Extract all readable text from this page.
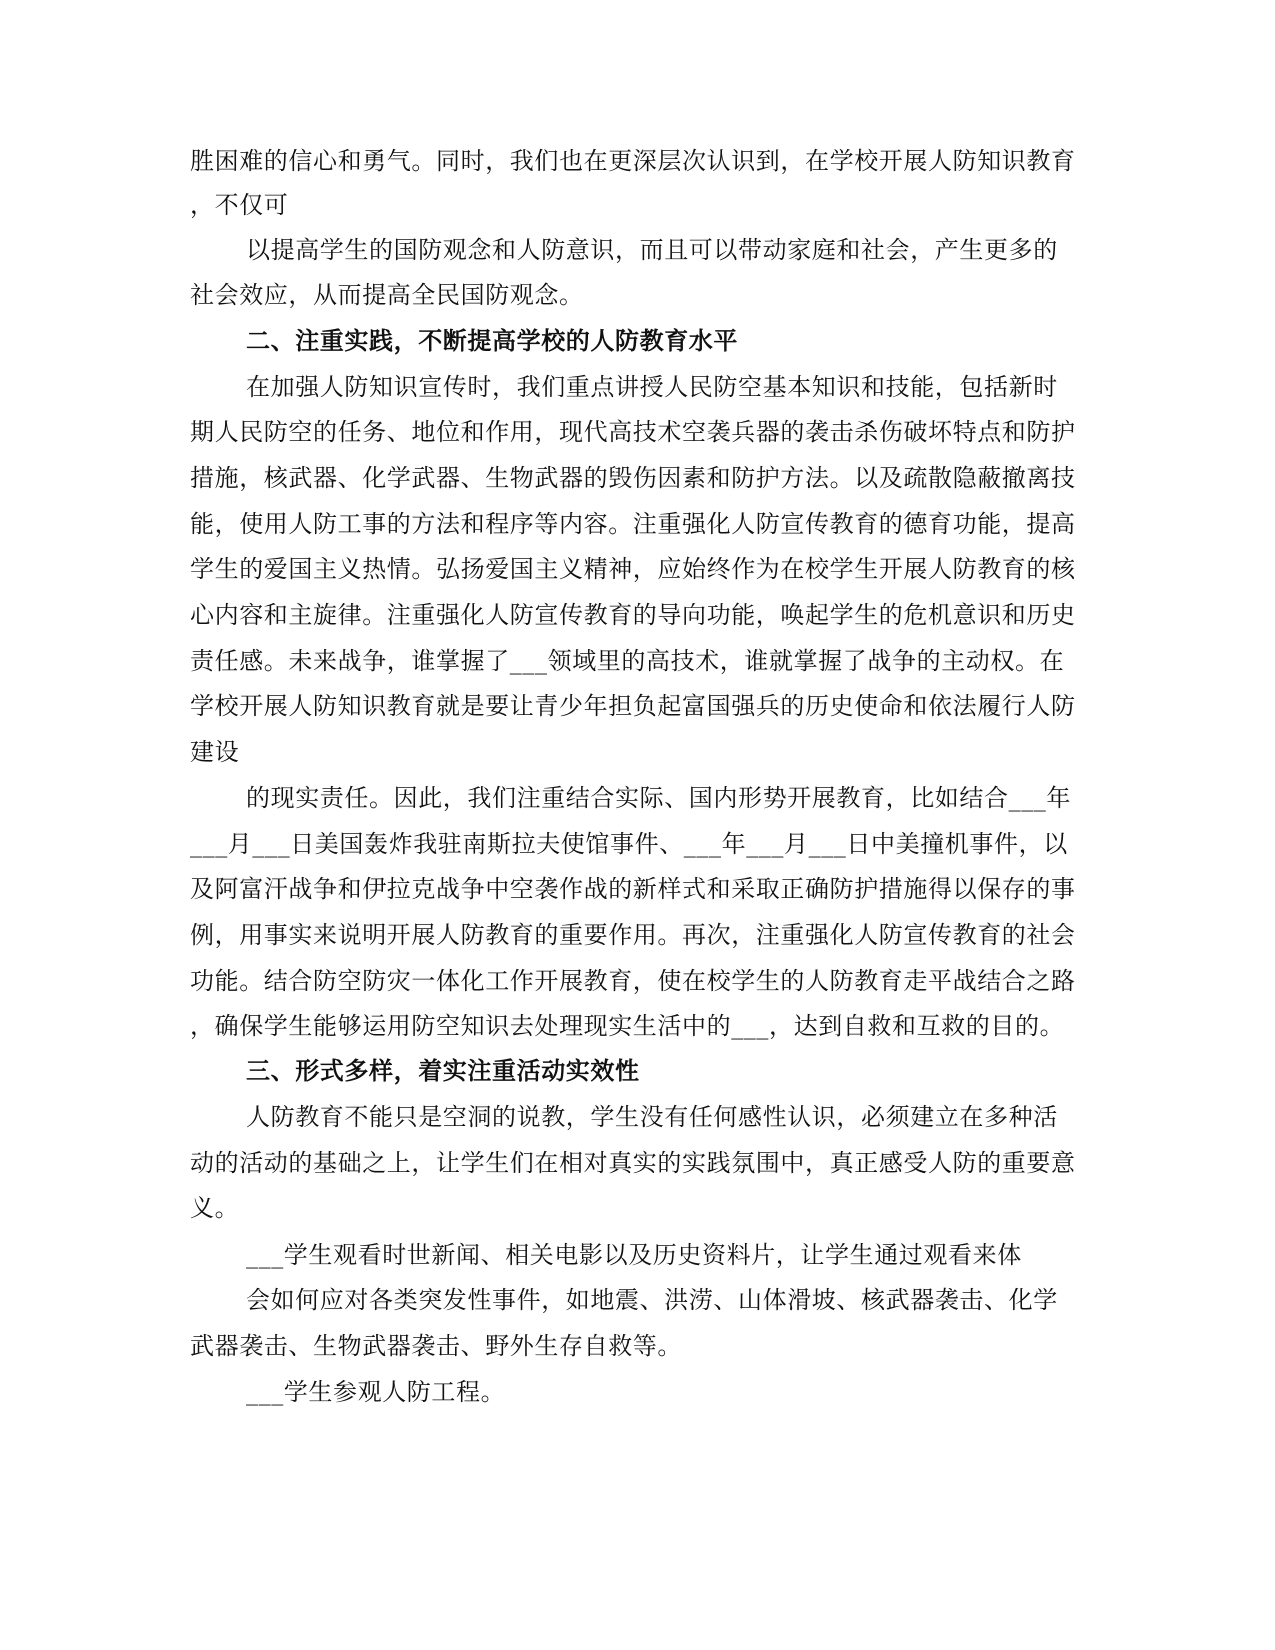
胜困难的信心和勇气。同时，我们也在更深层次认识到，在学校开展人防知识教育

，不仅可

以提高学生的国防观念和人防意识，而且可以带动家庭和社会，产生更多的

社会效应，从而提高全民国防观念。

二、注重实践，不断提高学校的人防教育水平

在加强人防知识宣传时，我们重点讲授人民防空基本知识和技能，包括新时

期人民防空的任务、地位和作用，现代高技术空袭兵器的袭击杀伤破坏特点和防护

措施，核武器、化学武器、生物武器的毁伤因素和防护方法。以及疏散隐蔽撤离技

能，使用人防工事的方法和程序等内容。注重强化人防宣传教育的德育功能，提高

学生的爱国主义热情。弘扬爱国主义精神，应始终作为在校学生开展人防教育的核

心内容和主旋律。注重强化人防宣传教育的导向功能，唤起学生的危机意识和历史

责任感。未来战争，谁掌握了___领域里的高技术，谁就掌握了战争的主动权。在

学校开展人防知识教育就是要让青少年担负起富国强兵的历史使命和依法履行人防

建设

的现实责任。因此，我们注重结合实际、国内形势开展教育，比如结合___年

___月___日美国轰炸我驻南斯拉夫使馆事件、___年___月___日中美撞机事件，以

及阿富汗战争和伊拉克战争中空袭作战的新样式和采取正确防护措施得以保存的事

例，用事实来说明开展人防教育的重要作用。再次，注重强化人防宣传教育的社会

功能。结合防空防灾一体化工作开展教育，使在校学生的人防教育走平战结合之路

，确保学生能够运用防空知识去处理现实生活中的___，达到自救和互救的目的。

三、形式多样，着实注重活动实效性

人防教育不能只是空洞的说教，学生没有任何感性认识，必须建立在多种活

动的活动的基础之上，让学生们在相对真实的实践氛围中，真正感受人防的重要意

义。

___学生观看时世新闻、相关电影以及历史资料片，让学生通过观看来体

会如何应对各类突发性事件，如地震、洪涝、山体滑坡、核武器袭击、化学

武器袭击、生物武器袭击、野外生存自救等。

___学生参观人防工程。
